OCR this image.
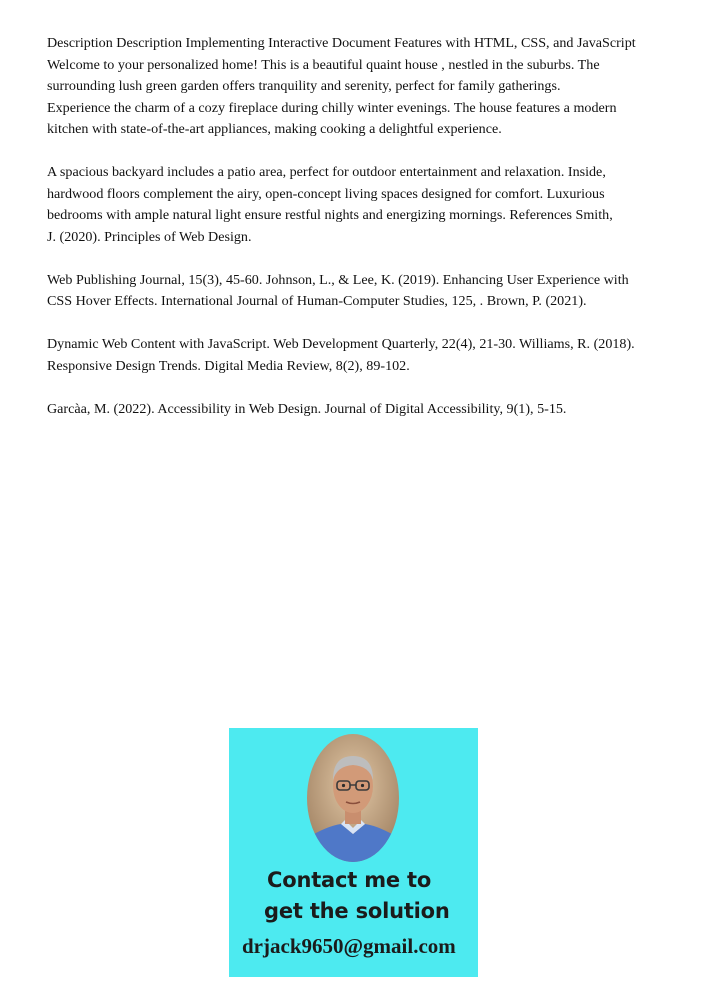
Description Description Implementing Interactive Document Features with HTML, CSS, and JavaScript
Welcome to your personalized home! This is a beautiful quaint house , nestled in the suburbs. The
surrounding lush green garden offers tranquility and serenity, perfect for family gatherings.
Experience the charm of a cozy fireplace during chilly winter evenings. The house features a modern
kitchen with state-of-the-art appliances, making cooking a delightful experience.

A spacious backyard includes a patio area, perfect for outdoor entertainment and relaxation. Inside,
hardwood floors complement the airy, open-concept living spaces designed for comfort. Luxurious
bedrooms with ample natural light ensure restful nights and energizing mornings. References Smith,
J. (2020). Principles of Web Design.

Web Publishing Journal, 15(3), 45-60. Johnson, L., & Lee, K. (2019). Enhancing User Experience with
CSS Hover Effects. International Journal of Human-Computer Studies, 125, . Brown, P. (2021).

Dynamic Web Content with JavaScript. Web Development Quarterly, 22(4), 21-30. Williams, R. (2018).
Responsive Design Trends. Digital Media Review, 8(2), 89-102.

Garcàa, M. (2022). Accessibility in Web Design. Journal of Digital Accessibility, 9(1), 5-15.

Contact me to
get the solution
drjack9650@gmail.com
